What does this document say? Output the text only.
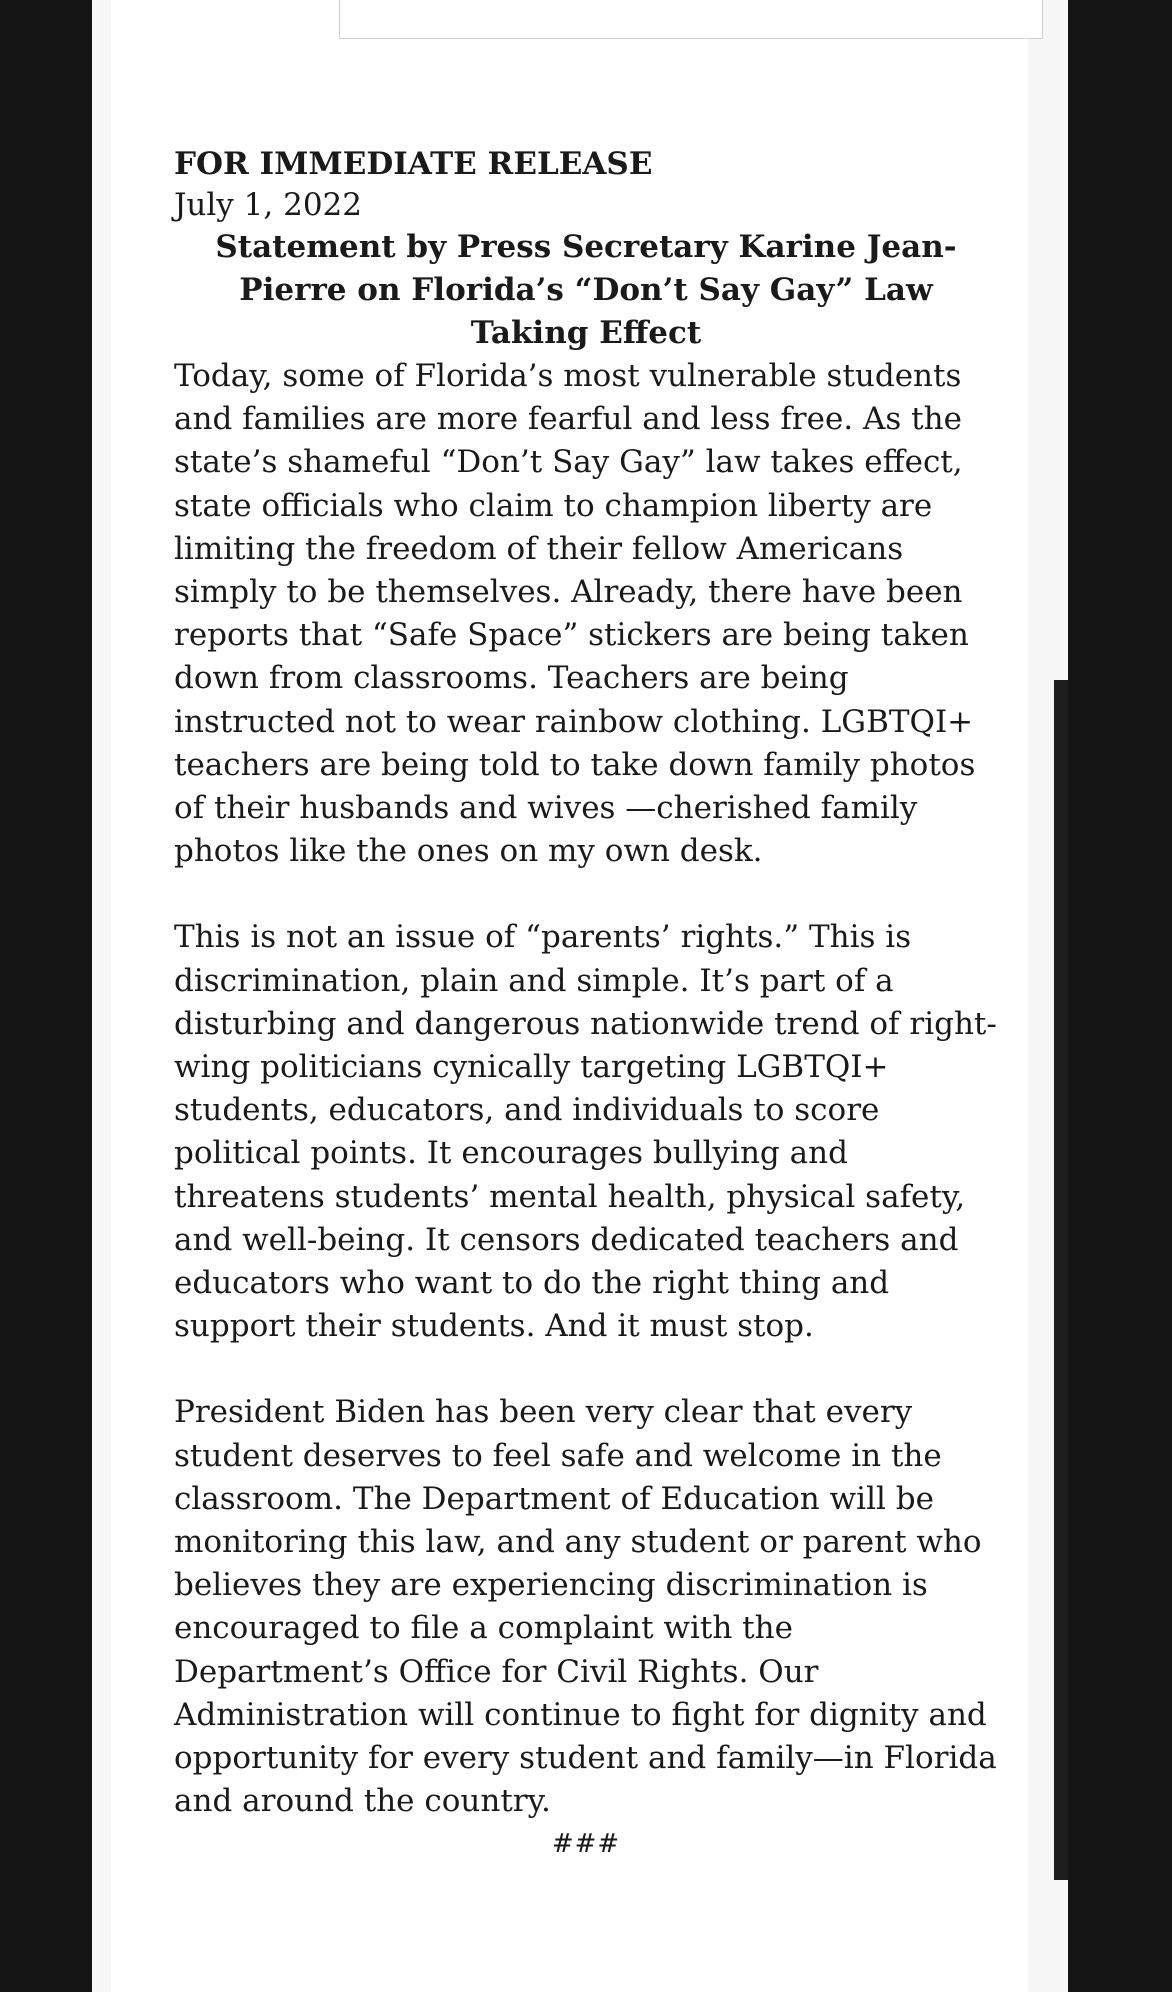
FOR IMMEDIATE RELEASE

July 1, 2022

Statement by Press Secretary Karine Jean-Pierre on Florida’s “Don’t Say Gay” Law Taking Effect

Today, some of Florida’s most vulnerable students and families are more fearful and less free. As the state’s shameful “Don’t Say Gay” law takes effect, state officials who claim to champion liberty are limiting the freedom of their fellow Americans simply to be themselves. Already, there have been reports that “Safe Space” stickers are being taken down from classrooms. Teachers are being instructed not to wear rainbow clothing. LGBTQI+ teachers are being told to take down family photos of their husbands and wives —cherished family photos like the ones on my own desk.

This is not an issue of “parents’ rights.” This is discrimination, plain and simple. It’s part of a disturbing and dangerous nationwide trend of right-wing politicians cynically targeting LGBTQI+ students, educators, and individuals to score political points. It encourages bullying and threatens students’ mental health, physical safety, and well-being. It censors dedicated teachers and educators who want to do the right thing and support their students. And it must stop.

President Biden has been very clear that every student deserves to feel safe and welcome in the classroom. The Department of Education will be monitoring this law, and any student or parent who believes they are experiencing discrimination is encouraged to file a complaint with the Department’s Office for Civil Rights. Our Administration will continue to fight for dignity and opportunity for every student and family—in Florida and around the country.

###
